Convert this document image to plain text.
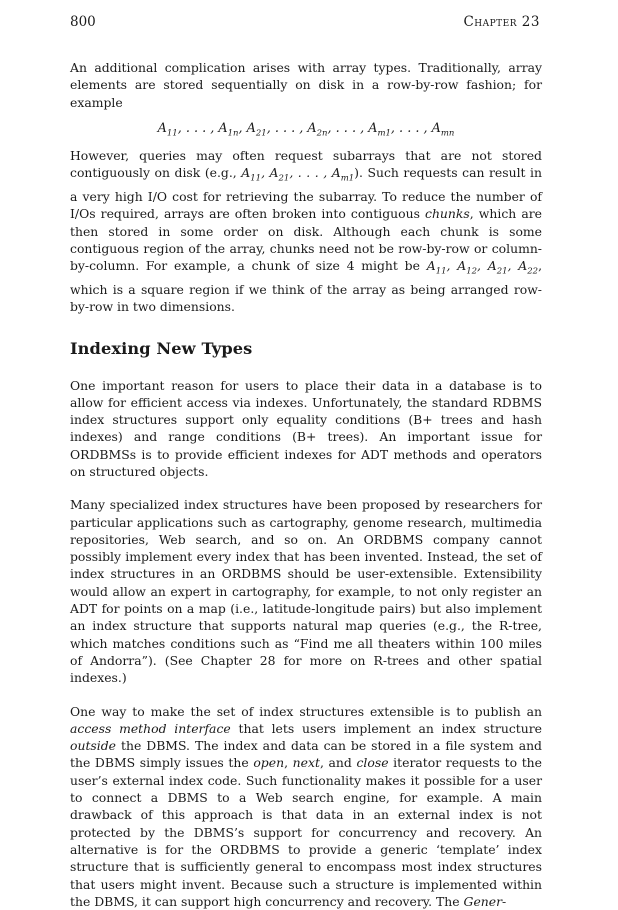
800	Chapter 23

An additional complication arises with array types. Traditionally, array elements are stored sequentially on disk in a row-by-row fashion; for example

$A_{11}$, . . . , $A_{1n}$, $A_{21}$, . . . , $A_{2n}$, . . . , $A_{m1}$, . . . , $A_{mn}$

However, queries may often request subarrays that are not stored contiguously on disk (e.g., $A_{11}$, $A_{21}$, . . . , $A_{m1}$). Such requests can result in a very high I/O cost for retrieving the subarray. To reduce the number of I/Os required, arrays are often broken into contiguous chunks, which are then stored in some order on disk. Although each chunk is some contiguous region of the array, chunks need not be row-by-row or column-by-column. For example, a chunk of size 4 might be $A_{11}$, $A_{12}$, $A_{21}$, $A_{22}$, which is a square region if we think of the array as being arranged row-by-row in two dimensions.

Indexing New Types

One important reason for users to place their data in a database is to allow for efficient access via indexes. Unfortunately, the standard RDBMS index structures support only equality conditions (B+ trees and hash indexes) and range conditions (B+ trees). An important issue for ORDBMSs is to provide efficient indexes for ADT methods and operators on structured objects.

Many specialized index structures have been proposed by researchers for particular applications such as cartography, genome research, multimedia repositories, Web search, and so on. An ORDBMS company cannot possibly implement every index that has been invented. Instead, the set of index structures in an ORDBMS should be user-extensible. Extensibility would allow an expert in cartography, for example, to not only register an ADT for points on a map (i.e., latitude-longitude pairs) but also implement an index structure that supports natural map queries (e.g., the R-tree, which matches conditions such as “Find me all theaters within 100 miles of Andorra”). (See Chapter 28 for more on R-trees and other spatial indexes.)

One way to make the set of index structures extensible is to publish an access method interface that lets users implement an index structure outside the DBMS. The index and data can be stored in a file system and the DBMS simply issues the open, next, and close iterator requests to the user’s external index code. Such functionality makes it possible for a user to connect a DBMS to a Web search engine, for example. A main drawback of this approach is that data in an external index is not protected by the DBMS’s support for concurrency and recovery. An alternative is for the ORDBMS to provide a generic ‘template’ index structure that is sufficiently general to encompass most index structures that users might invent. Because such a structure is implemented within the DBMS, it can support high concurrency and recovery. The Gener-
